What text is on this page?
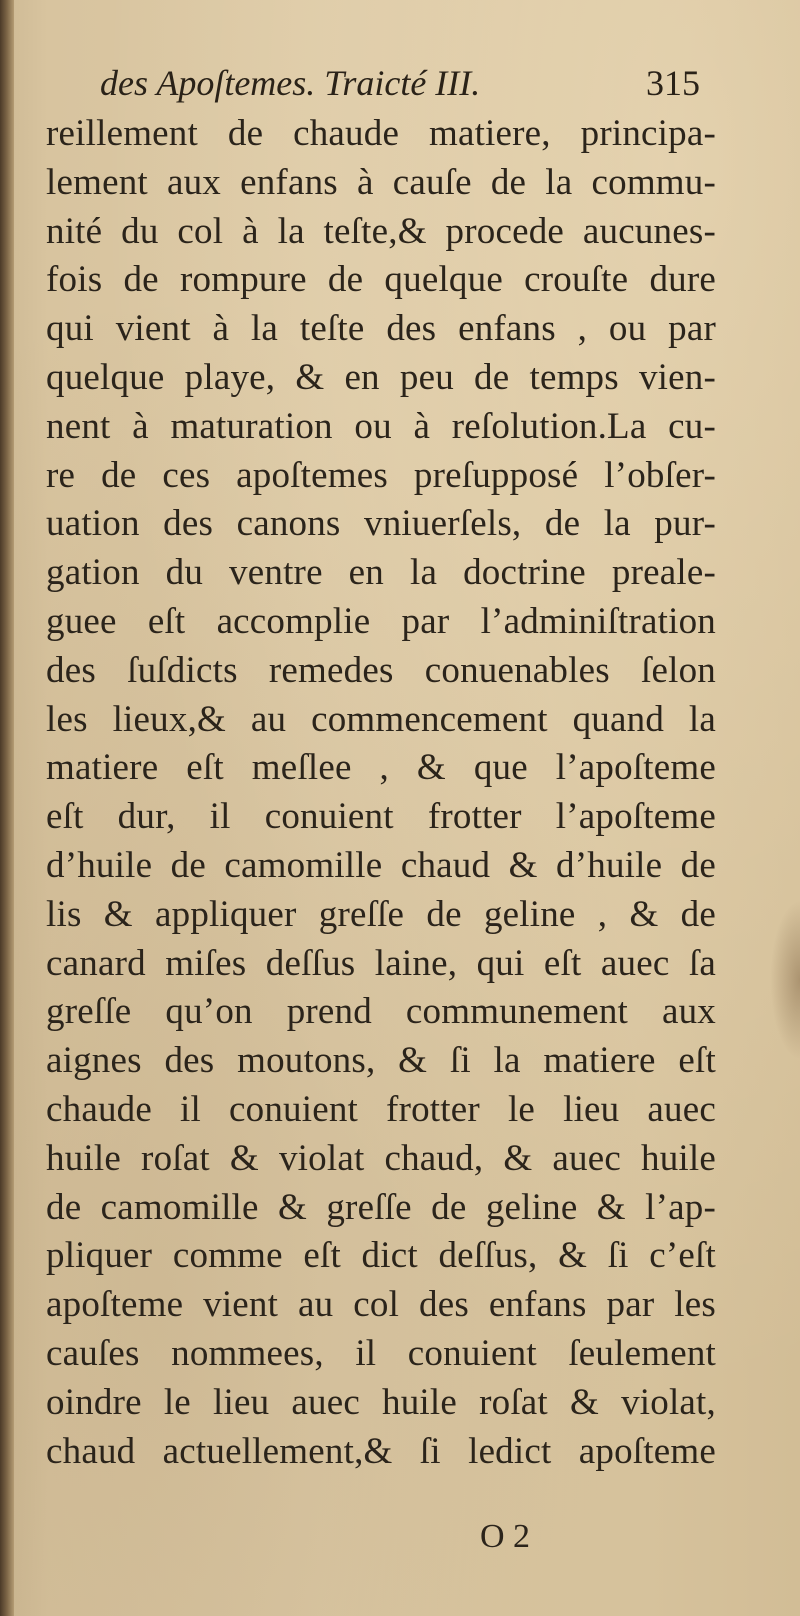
des Apoſtemes. Traicté III.	315
reillement de chaude matiere, principa-
lement aux enfans à cauſe de la commu-
nité du col à la teſte,& procede aucunes-
fois de rompure de quelque crouſte dure
qui vient à la teſte des enfans , ou par
quelque playe, & en peu de temps vien-
nent à maturation ou à reſolution.La cu-
re de ces apoſtemes preſupposé l’obſer-
uation des canons vniuerſels, de la pur-
gation du ventre en la doctrine preale-
guee eſt accomplie par l’adminiſtration
des ſuſdicts remedes conuenables ſelon
les lieux,& au commencement quand la
matiere eſt meſlee , & que l’apoſteme
eſt dur, il conuient frotter l’apoſteme
d’huile de camomille chaud & d’huile de
lis & appliquer greſſe de geline , & de
canard miſes deſſus laine, qui eſt auec ſa
greſſe qu’on prend communement aux
aignes des moutons, & ſi la matiere eſt
chaude il conuient frotter le lieu auec
huile roſat & violat chaud, & auec huile
de camomille & greſſe de geline & l’ap-
pliquer comme eſt dict deſſus, & ſi c’eſt
apoſteme vient au col des enfans par les
cauſes nommees, il conuient ſeulement
oindre le lieu auec huile roſat & violat,
chaud actuellement,& ſi ledict apoſteme
O 2
